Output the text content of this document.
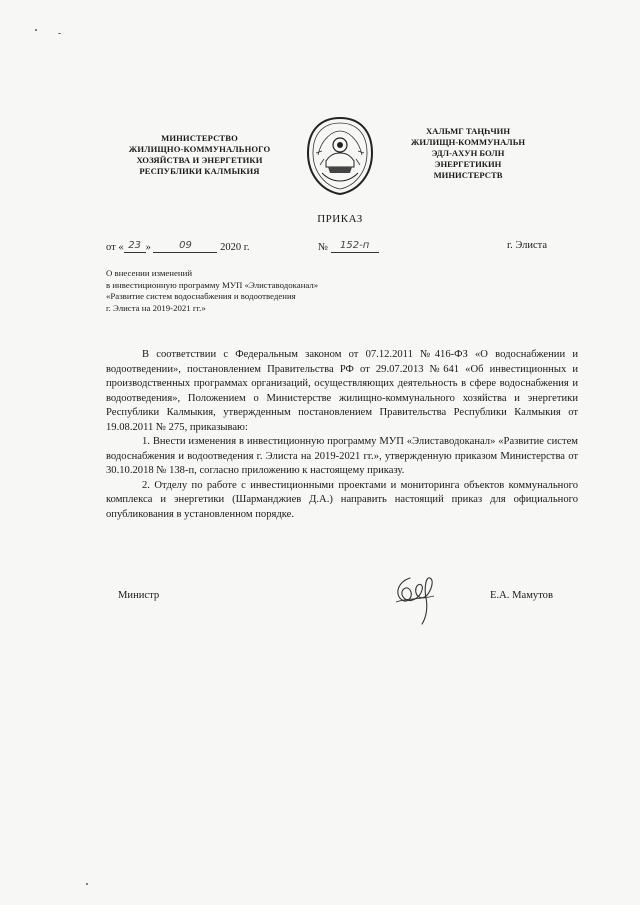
МИНИСТЕРСТВО
ЖИЛИЩНО-КОММУНАЛЬНОГО
ХОЗЯЙСТВА И ЭНЕРГЕТИКИ
РЕСПУБЛИКИ КАЛМЫКИЯ
ХАЛЬМГ ТАҢҺЧИН
ЖИЛИЩН-КОММУНАЛЬН
ЭДЛ-АХУН БОЛН
ЭНЕРГЕТИКИН
МИНИСТЕРСТВ
ПРИКАЗ
от « 23 »	09	2020 г.	№ 152-п	г. Элиста
О внесении изменений
в инвестиционную программу МУП «Элиставодоканал»
«Развитие систем водоснабжения и водоотведения
г. Элиста на 2019-2021 гг.»

В соответствии с Федеральным законом от 07.12.2011 №416-ФЗ «О водоснабжении и водоотведении», постановлением Правительства РФ от 29.07.2013 №641 «Об инвестиционных и производственных программах организаций, осуществляющих деятельность в сфере водоснабжения и водоотведения», Положением о Министерстве жилищно-коммунального хозяйства и энергетики Республики Калмыкия, утвержденным постановлением Правительства Республики Калмыкия от 19.08.2011 № 275, приказываю:

1. Внести изменения в инвестиционную программу МУП «Элиставодоканал» «Развитие систем водоснабжения и водоотведения г. Элиста на 2019-2021 гг.», утвержденную приказом Министерства от 30.10.2018 № 138-п, согласно приложению к настоящему приказу.

2. Отделу по работе с инвестиционными проектами и мониторинга объектов коммунального комплекса и энергетики (Шарманджиев Д.А.) направить настоящий приказ для официального опубликования в установленном порядке.

Министр	Е.А. Мамутов
